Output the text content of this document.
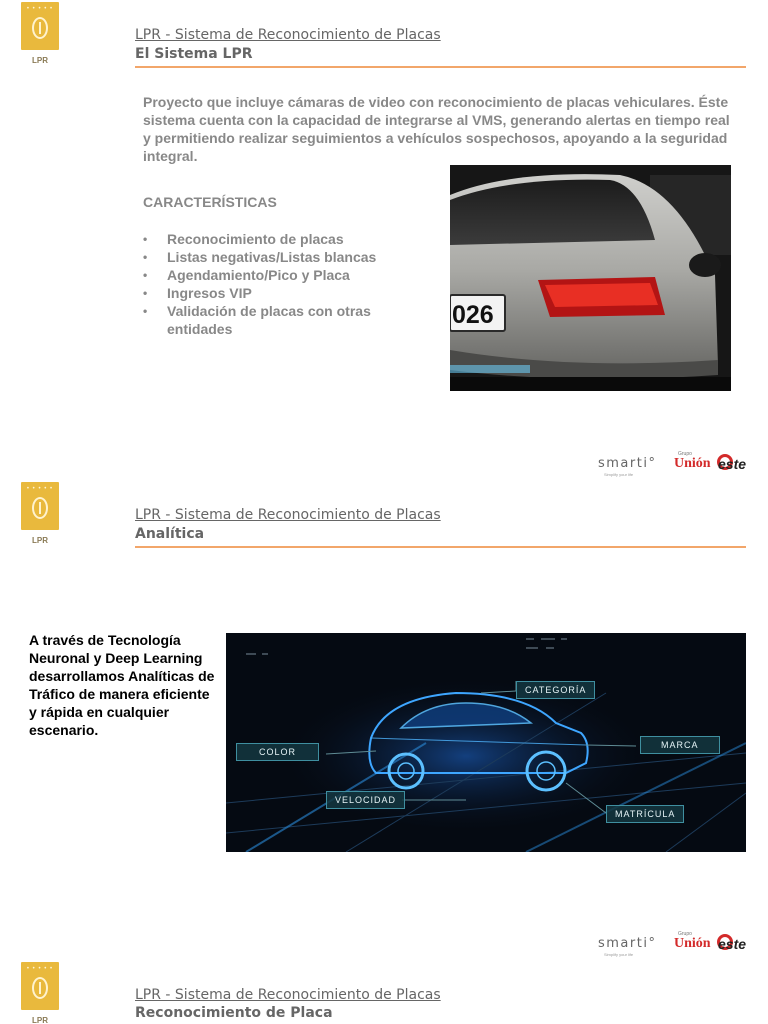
• • • • •
LPR
LPR - Sistema de Reconocimiento de Placas
El Sistema LPR
Proyecto que incluye cámaras de video con reconocimiento de placas vehiculares. Éste sistema cuenta con la capacidad de integrarse al VMS, generando alertas en tiempo real y permitiendo realizar seguimientos a vehículos sospechosos, apoyando a la seguridad integral.
CARACTERÍSTICAS
• Reconocimiento de placas
• Listas negativas/Listas blancas
• Agendamiento/Pico y Placa
• Ingresos VIP
• Validación de placas con otras entidades	026
smarti°
Simplify your life
Grupo
Unión este
• • • • •
LPR
LPR - Sistema de Reconocimiento de Placas
Analítica
A través de Tecnología Neuronal y Deep Learning desarrollamos Analíticas de Tráfico de manera eficiente y rápida en cualquier escenario.
CATEGORÍA
COLOR
MARCA
VELOCIDAD
MATRÍCULA
smarti°
Simplify your life
Grupo
Unión este
• • • • •
LPR
LPR - Sistema de Reconocimiento de Placas
Reconocimiento de Placa
